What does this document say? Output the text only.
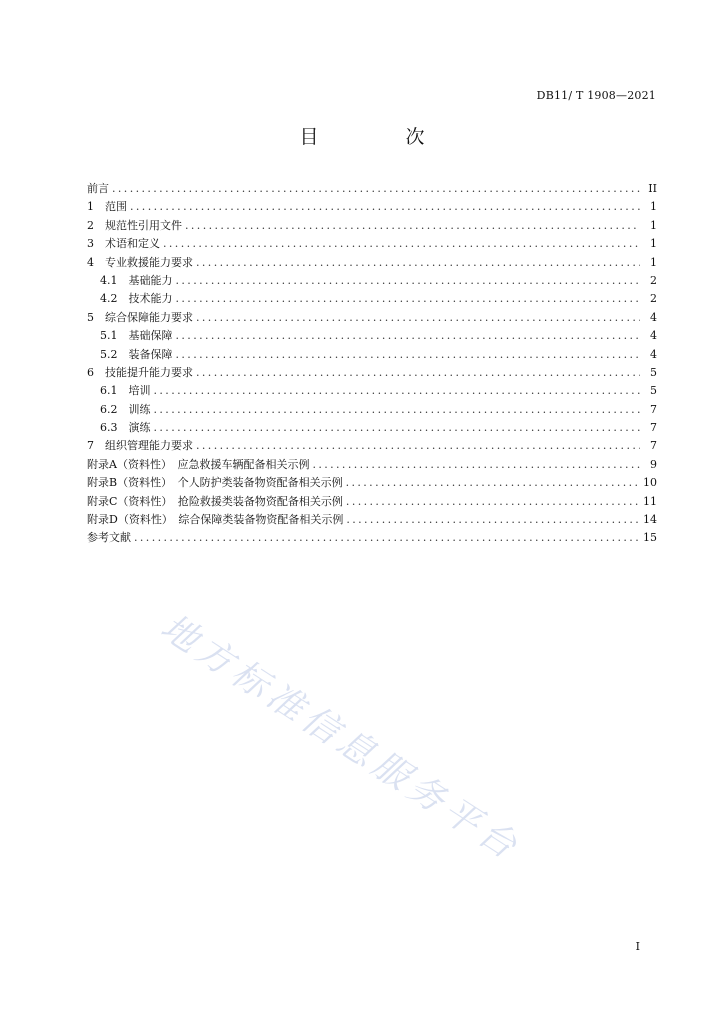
DB11/ T 1908—2021
目　次
前言 .....	II
1　范围 .....	1
2　规范性引用文件 .....	1
3　术语和定义 .....	1
4　专业救援能力要求 .....	1
4.1　基础能力 .....	2
4.2　技术能力 .....	2
5　综合保障能力要求 .....	4
5.1　基础保障 .....	4
5.2　装备保障 .....	4
6　技能提升能力要求 .....	5
6.1　培训 .....	5
6.2　训练 .....	7
6.3　演练 .....	7
7　组织管理能力要求 .....	7
附录A（资料性）　应急救援车辆配备相关示例 .....	9
附录B（资料性）　个人防护类装备物资配备相关示例 .....	10
附录C（资料性）　抢险救援类装备物资配备相关示例 .....	11
附录D（资料性）　综合保障类装备物资配备相关示例 .....	14
参考文献 .....	15
地方标准信息服务平台
I
